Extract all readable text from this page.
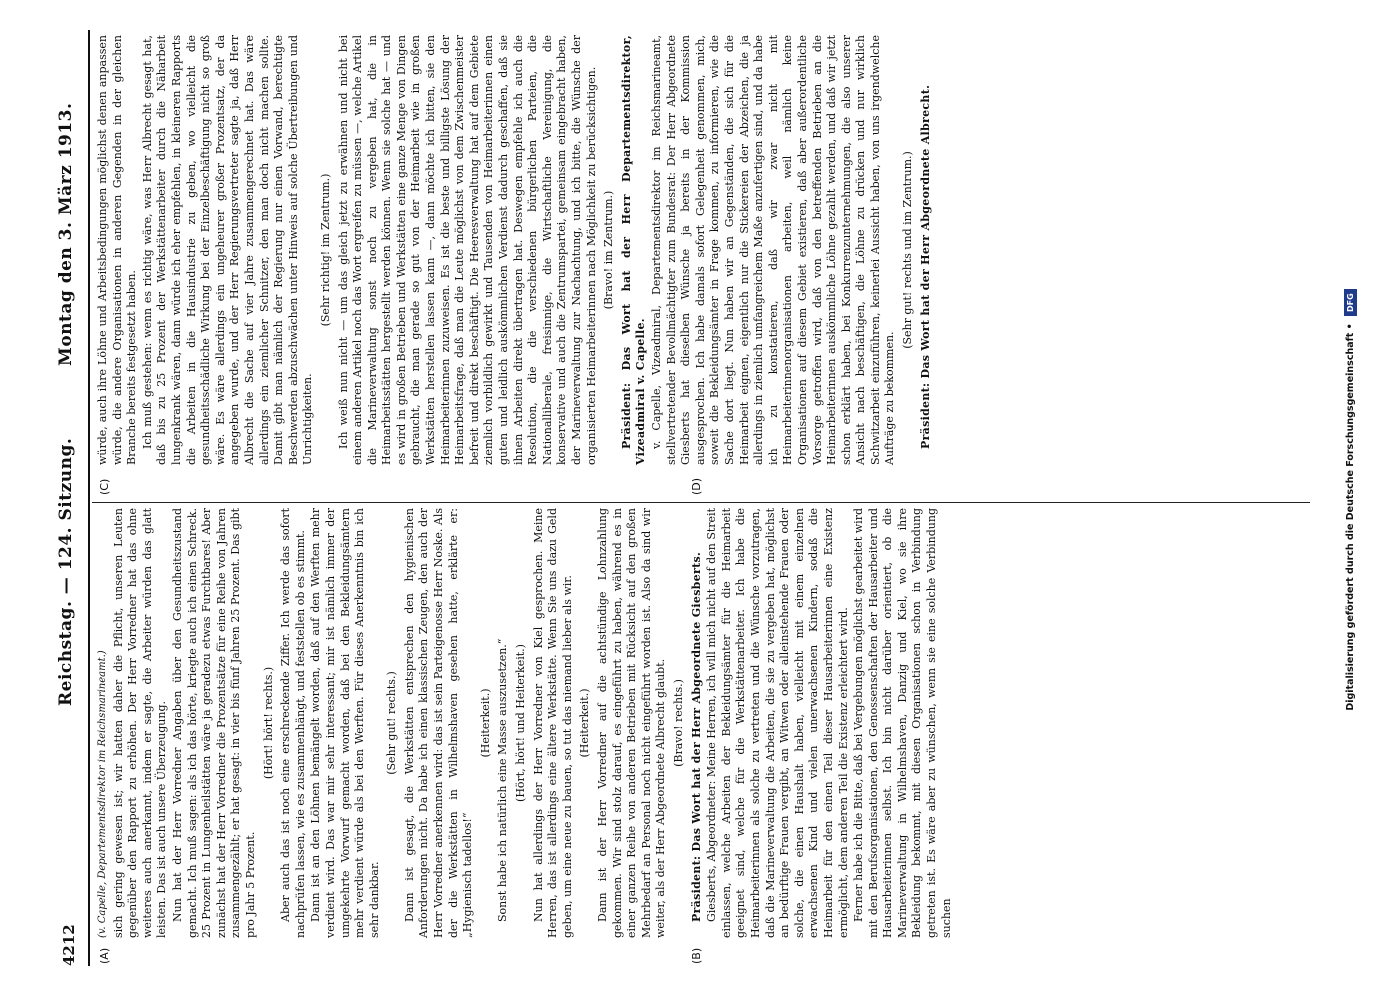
4212
Reichstag. — 124. Sitzung.
Montag den 3. März 1913.
(A)	(B)
(C)	(D)

(v. Capelle, Departementsdirektor im Reichsmarineamt.) sich gering gewesen ist; wir hatten daher die Pflicht, unseren Leuten gegenüber den Rapport zu erhöhen. Der Herr Vorredner hat das ohne weiteres auch anerkannt, indem er sagte, die Arbeiter würden das glatt leisten. Das ist auch unsere Überzeugung. Nun hat der Herr Vorredner Angaben über den Gesundheitszustand gemacht. Ich muß sagen: als ich das hörte, kriegte auch ich einen Schreck. 25 Prozent in Lungenheilstätten wäre ja geradezu etwas Furchtbares! Aber zunächst hat der Herr Vorredner die Prozentsätze für eine Reihe von Jahren zusammengezählt; er hat gesagt: in vier bis fünf Jahren 25 Prozent. Das gibt pro Jahr 5 Prozent.

(Hört! hört! rechts.) Aber auch das ist noch eine erschreckende Ziffer. Ich werde das sofort nachprüfen lassen, wie es zusammenhängt, und feststellen ob es stimmt. Dann ist an den Löhnen bemängelt worden, daß auf den Werften mehr verdient wird. Das war mir sehr interessant; mir ist nämlich immer der umgekehrte Vorwurf gemacht worden, daß bei den Bekleidungsämtern mehr verdient würde als bei den Werften. Für dieses Anerkenntnis bin ich sehr dankbar.

(Sehr gut! rechts.) Dann ist gesagt, die Werkstätten entsprechen den hygienischen Anforderungen nicht. Da habe ich einen klassischen Zeugen, den auch der Herr Vorredner anerkennen wird: das ist sein Parteigenosse Herr Noske. Als der die Werkstätten in Wilhelmshaven gesehen hatte, erklärte er: „Hygienisch tadellos!“

(Heiterkeit.) Sonst habe ich natürlich eine Masse auszusetzen.“ (Hört, hört! und Heiterkeit.) Nun hat allerdings der Herr Vorredner von Kiel gesprochen. Meine Herren, das ist allerdings eine ältere Werkstätte. Wenn Sie uns dazu Geld geben, um eine neue zu bauen, so tut das niemand lieber als wir. (Heiterkeit.) Dann ist der Herr Vorredner auf die achtstündige Lohnzahlung gekommen. Wir sind stolz darauf, es eingeführt zu haben, während es in einer ganzen Reihe von anderen Betrieben mit Rücksicht auf den großen Mehrbedarf an Personal noch nicht eingeführt worden ist. Also da sind wir weiter, als der Herr Abgeordnete Albrecht glaubt. (Bravo! rechts.) Präsident: Das Wort hat der Herr Abgeordnete Giesberts. Giesberts, Abgeordneter: Meine Herren, ich will mich nicht auf den Streit einlassen, welche Arbeiten der Bekleidungsämter für die Heimarbeit geeignet sind, welche für die Werkstättenarbeiter. Ich habe die Heimarbeiterinnen als solche zu vertreten und die Wünsche vorzutragen, daß die Marineverwaltung die Arbeiten, die sie zu vergeben hat, möglichst an bedürftige Frauen vergibt, an Witwen oder alleinstehende Frauen oder solche, die einen Haushalt haben, vielleicht mit einem einzelnen erwachsenen Kind und vielen unerwachsenen Kindern, sodaß die Heimarbeit für den einen Teil dieser Hausarbeiterinnen eine Existenz ermöglicht, dem anderen Teil die Existenz erleichtert wird. Ferner habe ich die Bitte, daß bei Vergebungen möglichst gearbeitet wird mit den Berufsorganisationen, den Genossenschaften der Hausarbeiter und Hausarbeiterinnen selbst. Ich bin nicht darüber orientiert, ob die Marineverwaltung in Wilhelmshaven, Danzig und Kiel, wo sie ihre Bekleidung bekommt, mit diesen Organisationen schon in Verbindung getreten ist. Es wäre aber zu wünschen, wenn sie eine solche Verbindung suchen

würde, auch ihre Löhne und Arbeitsbedingungen möglichst denen anpassen würde, die andere Organisationen in anderen Gegenden in der gleichen Branche bereits festgesetzt haben. Ich muß gestehen: wenn es richtig wäre, was Herr Albrecht gesagt hat, daß bis zu 25 Prozent der Werkstättenarbeiter durch die Näharbeit lungenkrank wären, dann würde ich eher empfehlen, in kleineren Rapports die Arbeiten in die Hausindustrie zu geben, wo vielleicht die gesundheitsschädliche Wirkung bei der Einzelbeschäftigung nicht so groß wäre. Es wäre allerdings ein ungeheurer großer Prozentsatz, der da angegeben wurde, und der Herr Regierungsvertreter sagte ja, daß Herr Albrecht die Sache auf vier Jahre zusammengerechnet hat. Das wäre allerdings ein ziemlicher Schnitzer, den man doch nicht machen sollte. Damit gibt man nämlich der Regierung nur einen Vorwand, berechtigte Beschwerden abzuschwächen unter Hinweis auf solche Übertreibungen und Unrichtigkeiten.

(Sehr richtig! im Zentrum.) Ich weiß nun nicht — um das gleich jetzt zu erwähnen und nicht bei einem anderen Artikel noch das Wort ergreifen zu müssen —, welche Artikel die Marineverwaltung sonst noch zu vergeben hat, die in Heimarbeitsstätten hergestellt werden können. Wenn sie solche hat — und es wird in großen Betrieben und Werkstätten eine ganze Menge von Dingen gebraucht, die man gerade so gut von der Heimarbeit wie in großen Werkstätten herstellen lassen kann —, dann möchte ich bitten, sie den Heimarbeiterinnen zuzuweisen. Es ist die beste und billigste Lösung der Heimarbeitsfrage, daß man die Leute möglichst von dem Zwischenmeister befreit und direkt beschäftigt. Die Heeresverwaltung hat auf dem Gebiete ziemlich vorbildlich gewirkt und Tausenden von Heimarbeiterinnen einen guten und leidlich auskömmlichen Verdienst dadurch geschaffen, daß sie ihnen Arbeiten direkt übertragen hat. Deswegen empfehle ich auch die Resolution, die die verschiedenen bürgerlichen Parteien, die Nationalliberale, freisinnige, die Wirtschaftliche Vereinigung, die konservative und auch die Zentrumspartei, gemeinsam eingebracht haben, der Marineverwaltung zur Nachachtung, und ich bitte, die Wünsche der organisierten Heimarbeiterinnen nach Möglichkeit zu berücksichtigen. (Bravo! im Zentrum.) Präsident: Das Wort hat der Herr Departementsdirektor, Vizeadmiral v. Capelle. v. Capelle, Vizeadmiral, Departementsdirektor im Reichsmarineamt, stellvertretender Bevollmächtigter zum Bundesrat: Der Herr Abgeordnete Giesberts hat dieselben Wünsche ja bereits in der Kommission ausgesprochen. Ich habe damals sofort Gelegenheit genommen, mich, soweit die Bekleidungsämter in Frage kommen, zu informieren, wie die Sache dort liegt. Nun haben wir an Gegenständen, die sich für die Heimarbeit eignen, eigentlich nur die Stickereien der Abzeichen, die ja allerdings in ziemlich umfangreichem Maße anzufertigen sind, und da habe ich zu konstatieren, daß wir zwar nicht mit Heimarbeiterinnenorganisationen arbeiten, weil nämlich keine Organisationen auf diesem Gebiet existieren, daß aber außerordentliche Vorsorge getroffen wird, daß von den betreffenden Betrieben an die Heimarbeiterinnen auskömmliche Löhne gezahlt werden, und daß wir jetzt schon erklärt haben, bei Konkurrenzunternehmungen, die also unserer Ansicht nach beschäftigen, die Löhne zu drücken und nur wirklich Schwitzarbeit einzuführen, keinerlei Aussicht haben, von uns irgendwelche Aufträge zu bekommen.

(Sehr gut! rechts und im Zentrum.) Präsident: Das Wort hat der Herr Abgeordnete Albrecht.

Digitalisierung gefördert durch die Deutsche Forschungsgemeinschaft • DFG
